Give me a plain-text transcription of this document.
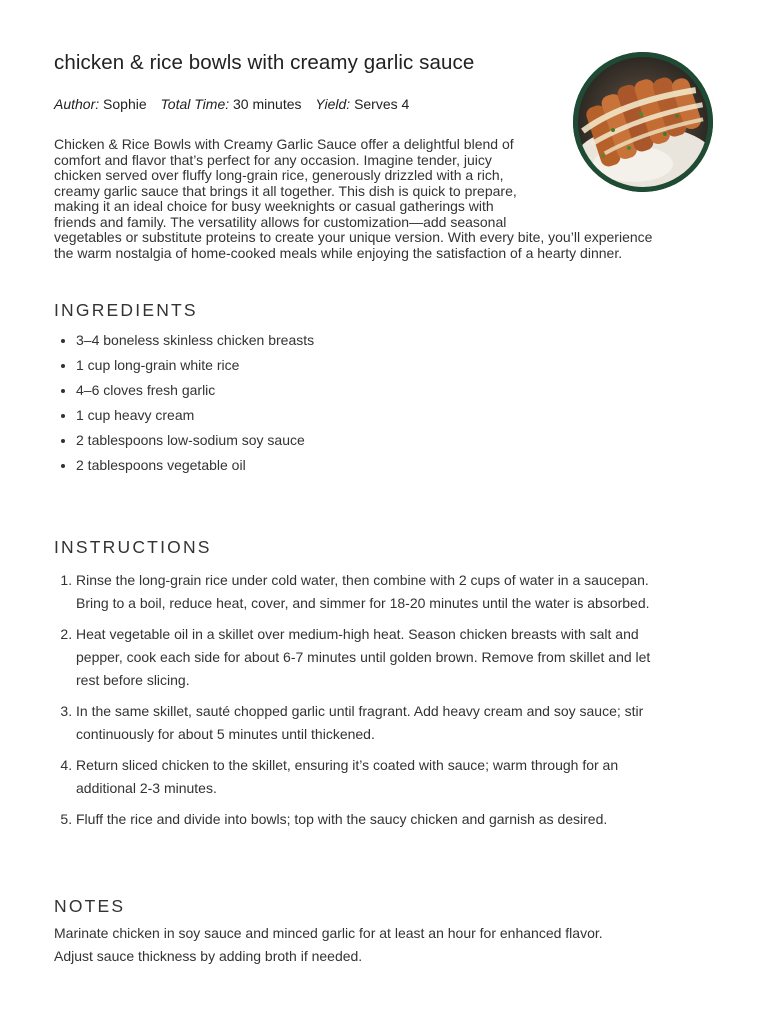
chicken & rice bowls with creamy garlic sauce
Author: Sophie Total Time: 30 minutes Yield: Serves 4

Chicken & Rice Bowls with Creamy Garlic Sauce offer a delightful blend of
comfort and flavor that’s perfect for any occasion. Imagine tender, juicy
chicken served over fluffy long-grain rice, generously drizzled with a rich,
creamy garlic sauce that brings it all together. This dish is quick to prepare,
making it an ideal choice for busy weeknights or casual gatherings with
friends and family. The versatility allows for customization—add seasonal
vegetables or substitute proteins to create your unique version. With every bite, you’ll experience
the warm nostalgia of home-cooked meals while enjoying the satisfaction of a hearty dinner.

INGREDIENTS
• 3–4 boneless skinless chicken breasts
• 1 cup long-grain white rice
• 4–6 cloves fresh garlic
• 1 cup heavy cream
• 2 tablespoons low-sodium soy sauce
• 2 tablespoons vegetable oil
INSTRUCTIONS
1. Rinse the long-grain rice under cold water, then combine with 2 cups of water in a saucepan.
Bring to a boil, reduce heat, cover, and simmer for 18-20 minutes until the water is absorbed.
2. Heat vegetable oil in a skillet over medium-high heat. Season chicken breasts with salt and
pepper, cook each side for about 6-7 minutes until golden brown. Remove from skillet and let
rest before slicing.
3. In the same skillet, sauté chopped garlic until fragrant. Add heavy cream and soy sauce; stir
continuously for about 5 minutes until thickened.
4. Return sliced chicken to the skillet, ensuring it’s coated with sauce; warm through for an
additional 2-3 minutes.
5. Fluff the rice and divide into bowls; top with the saucy chicken and garnish as desired.
NOTES
Marinate chicken in soy sauce and minced garlic for at least an hour for enhanced flavor.
Adjust sauce thickness by adding broth if needed.
